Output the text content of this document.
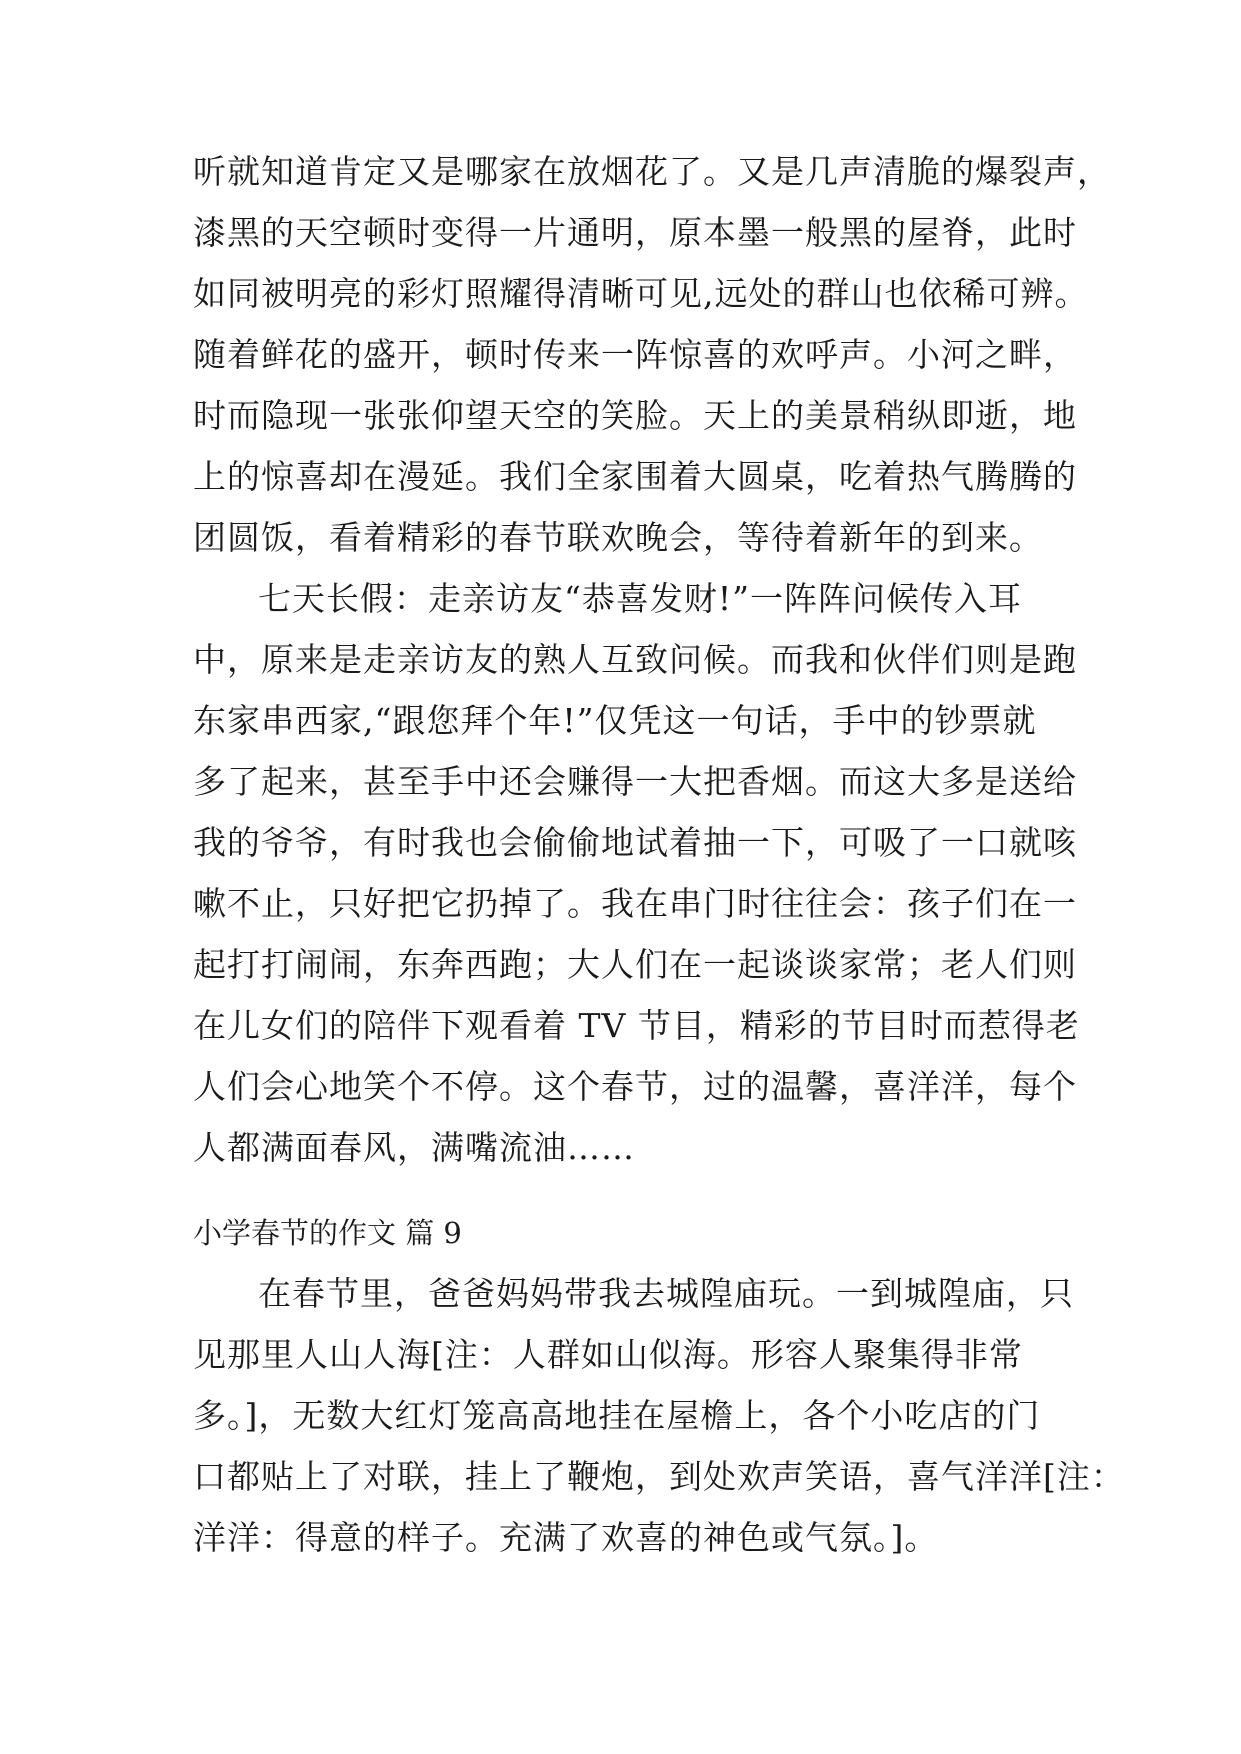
听就知道肯定又是哪家在放烟花了。又是几声清脆的爆裂声，
漆黑的天空顿时变得一片通明，原本墨一般黑的屋脊，此时
如同被明亮的彩灯照耀得清晰可见,远处的群山也依稀可辨。
随着鲜花的盛开，顿时传来一阵惊喜的欢呼声。小河之畔，
时而隐现一张张仰望天空的笑脸。天上的美景稍纵即逝，地
上的惊喜却在漫延。我们全家围着大圆桌，吃着热气腾腾的
团圆饭，看着精彩的春节联欢晚会，等待着新年的到来。
七天长假：走亲访友“恭喜发财!”一阵阵问候传入耳
中，原来是走亲访友的熟人互致问候。而我和伙伴们则是跑
东家串西家,“跟您拜个年!”仅凭这一句话，手中的钞票就
多了起来，甚至手中还会赚得一大把香烟。而这大多是送给
我的爷爷，有时我也会偷偷地试着抽一下，可吸了一口就咳
嗽不止，只好把它扔掉了。我在串门时往往会：孩子们在一
起打打闹闹，东奔西跑；大人们在一起谈谈家常；老人们则
在儿女们的陪伴下观看着 TV 节目，精彩的节目时而惹得老
人们会心地笑个不停。这个春节，过的温馨，喜洋洋，每个
人都满面春风，满嘴流油……
小学春节的作文 篇 9
在春节里，爸爸妈妈带我去城隍庙玩。一到城隍庙，只
见那里人山人海[注：人群如山似海。形容人聚集得非常
多。]，无数大红灯笼高高地挂在屋檐上，各个小吃店的门
口都贴上了对联，挂上了鞭炮，到处欢声笑语，喜气洋洋[注：
洋洋：得意的样子。充满了欢喜的神色或气氛。]。
